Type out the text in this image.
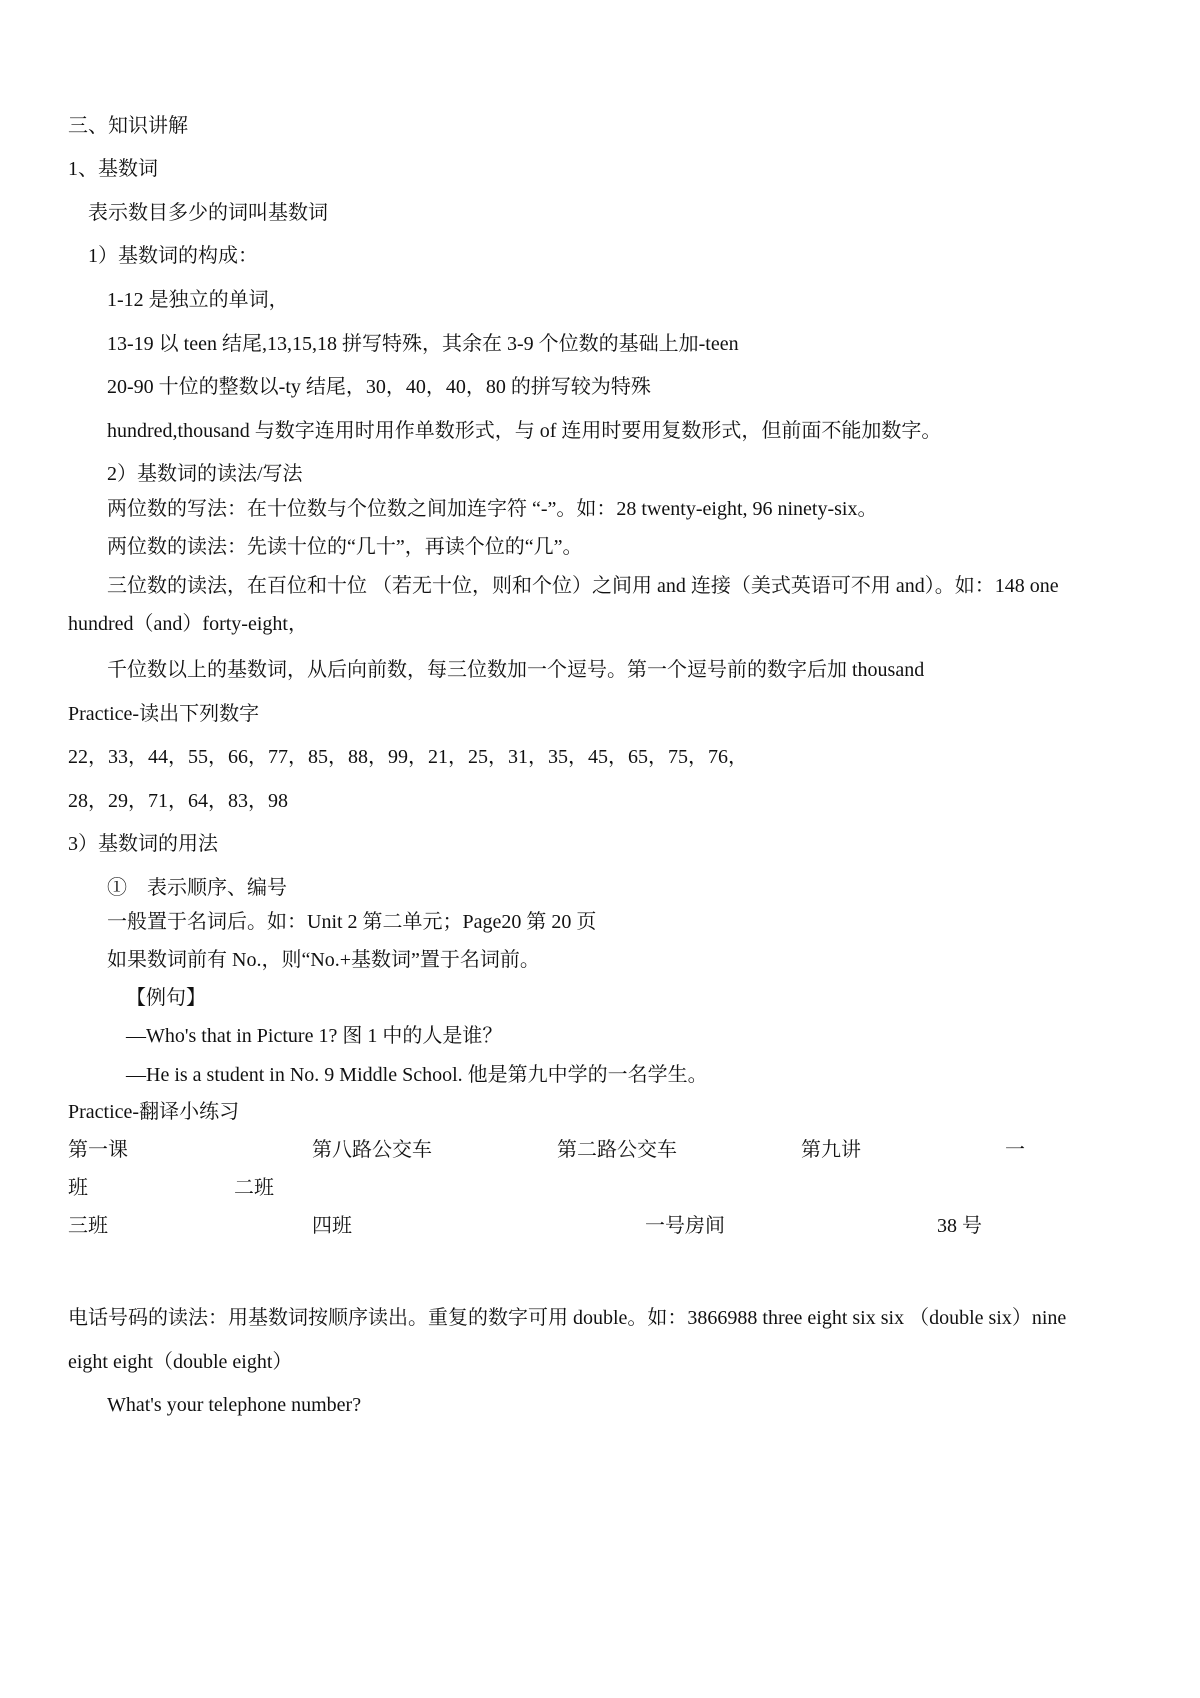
三、知识讲解
1、基数词
表示数目多少的词叫基数词
1）基数词的构成：
1-12 是独立的单词，
13-19 以 teen 结尾,13,15,18 拼写特殊，其余在 3-9 个位数的基础上加-teen
20-90 十位的整数以-ty 结尾，30，40，40，80 的拼写较为特殊
hundred,thousand 与数字连用时用作单数形式，与 of 连用时要用复数形式，但前面不能加数字。
2）基数词的读法/写法
两位数的写法：在十位数与个位数之间加连字符 “-”。如：28 twenty-eight, 96 ninety-six。
两位数的读法：先读十位的“几十”，再读个位的“几”。
三位数的读法，在百位和十位 （若无十位，则和个位）之间用 and 连接（美式英语可不用 and）。如：148 one
hundred（and）forty-eight，
千位数以上的基数词，从后向前数，每三位数加一个逗号。第一个逗号前的数字后加 thousand
Practice-读出下列数字
22，33，44，55，66，77，85，88，99，21，25，31，35，45，65，75，76，
28，29，71，64，83，98
3）基数词的用法
①　表示顺序、编号
一般置于名词后。如：Unit 2 第二单元；Page20 第 20 页
如果数词前有 No.，则“No.+基数词”置于名词前。
【例句】
—Who's that in Picture 1? 图 1 中的人是谁？
—He is a student in No. 9 Middle School. 他是第九中学的一名学生。
Practice-翻译小练习
第一课	第八路公交车	第二路公交车	第九讲	一
班	二班
三班	四班	一号房间	38 号
电话号码的读法：用基数词按顺序读出。重复的数字可用 double。如：3866988 three eight six six （double six）nine
eight eight（double eight）
What's your telephone number?
